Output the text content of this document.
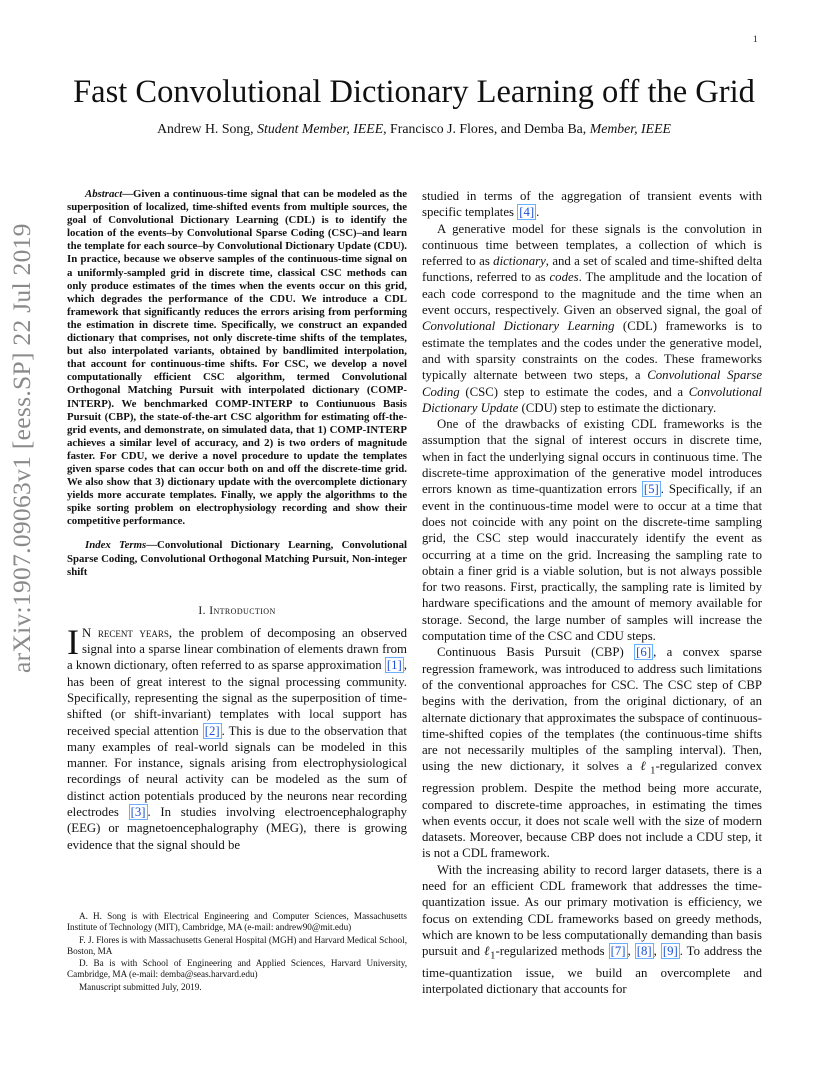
1
arXiv:1907.09063v1 [eess.SP] 22 Jul 2019
Fast Convolutional Dictionary Learning off the Grid
Andrew H. Song, Student Member, IEEE, Francisco J. Flores, and Demba Ba, Member, IEEE

Abstract—Given a continuous-time signal that can be modeled as the superposition of localized, time-shifted events from multiple sources, the goal of Convolutional Dictionary Learning (CDL) is to identify the location of the events–by Convolutional Sparse Coding (CSC)–and learn the template for each source–by Convolutional Dictionary Update (CDU). In practice, because we observe samples of the continuous-time signal on a uniformly-sampled grid in discrete time, classical CSC methods can only produce estimates of the times when the events occur on this grid, which degrades the performance of the CDU. We introduce a CDL framework that significantly reduces the errors arising from performing the estimation in discrete time. Specifically, we construct an expanded dictionary that comprises, not only discrete-time shifts of the templates, but also interpolated variants, obtained by bandlimited interpolation, that account for continuous-time shifts. For CSC, we develop a novel computationally efficient CSC algorithm, termed Convolutional Orthogonal Matching Pursuit with interpolated dictionary (COMP-INTERP). We benchmarked COMP-INTERP to Contiunuous Basis Pursuit (CBP), the state-of-the-art CSC algorithm for estimating off-the-grid events, and demonstrate, on simulated data, that 1) COMP-INTERP achieves a similar level of accuracy, and 2) is two orders of magnitude faster. For CDU, we derive a novel procedure to update the templates given sparse codes that can occur both on and off the discrete-time grid. We also show that 3) dictionary update with the overcomplete dictionary yields more accurate templates. Finally, we apply the algorithms to the spike sorting problem on electrophysiology recording and show their competitive performance.

Index Terms—Convolutional Dictionary Learning, Convolutional Sparse Coding, Convolutional Orthogonal Matching Pursuit, Non-integer shift

I. Introduction

I N recent years, the problem of decomposing an observed signal into a sparse linear combination of elements drawn from a known dictionary, often referred to as sparse approximation [1] , has been of great interest to the signal processing community. Specifically, representing the signal as the superposition of time-shifted (or shift-invariant) templates with local support has received special attention [2] . This is due to the observation that many examples of real-world signals can be modeled in this manner. For instance, signals arising from electrophysiological recordings of neural activity can be modeled as the sum of distinct action potentials produced by the neurons near recording electrodes [3] . In studies involving electroencephalography (EEG) or magnetoencephalography (MEG), there is growing evidence that the signal should be

A. H. Song is with Electrical Engineering and Computer Sciences, Massachusetts Institute of Technology (MIT), Cambridge, MA (e-mail: andrew90@mit.edu)

F. J. Flores is with Massachusetts General Hospital (MGH) and Harvard Medical School, Boston, MA

D. Ba is with School of Engineering and Applied Sciences, Harvard University, Cambridge, MA (e-mail: demba@seas.harvard.edu)

Manuscript submitted July, 2019.

studied in terms of the aggregation of transient events with specific templates [4] .

A generative model for these signals is the convolution in continuous time between templates, a collection of which is referred to as dictionary, and a set of scaled and time-shifted delta functions, referred to as codes. The amplitude and the location of each code correspond to the magnitude and the time when an event occurs, respectively. Given an observed signal, the goal of Convolutional Dictionary Learning (CDL) frameworks is to estimate the templates and the codes under the generative model, and with sparsity constraints on the codes. These frameworks typically alternate between two steps, a Convolutional Sparse Coding (CSC) step to estimate the codes, and a Convolutional Dictionary Update (CDU) step to estimate the dictionary.

One of the drawbacks of existing CDL frameworks is the assumption that the signal of interest occurs in discrete time, when in fact the underlying signal occurs in continuous time. The discrete-time approximation of the generative model introduces errors known as time-quantization errors [5] . Specifically, if an event in the continuous-time model were to occur at a time that does not coincide with any point on the discrete-time sampling grid, the CSC step would inaccurately identify the event as occurring at a time on the grid. Increasing the sampling rate to obtain a finer grid is a viable solution, but is not always possible for two reasons. First, practically, the sampling rate is limited by hardware specifications and the amount of memory available for storage. Second, the large number of samples will increase the computation time of the CSC and CDU steps.

Continuous Basis Pursuit (CBP) [6] , a convex sparse regression framework, was introduced to address such limitations of the conventional approaches for CSC. The CSC step of CBP begins with the derivation, from the original dictionary, of an alternate dictionary that approximates the subspace of continuous-time-shifted copies of the templates (the continuous-time shifts are not necessarily multiples of the sampling interval). Then, using the new dictionary, it solves a ℓ$_1$-regularized convex regression problem. Despite the method being more accurate, compared to discrete-time approaches, in estimating the times when events occur, it does not scale well with the size of modern datasets. Moreover, because CBP does not include a CDU step, it is not a CDL framework.

With the increasing ability to record larger datasets, there is a need for an efficient CDL framework that addresses the time-quantization issue. As our primary motivation is efficiency, we focus on extending CDL frameworks based on greedy methods, which are known to be less computationally demanding than basis pursuit and ℓ$_1$-regularized methods [7] , [8] , [9] . To address the time-quantization issue, we build an overcomplete and interpolated dictionary that accounts for
